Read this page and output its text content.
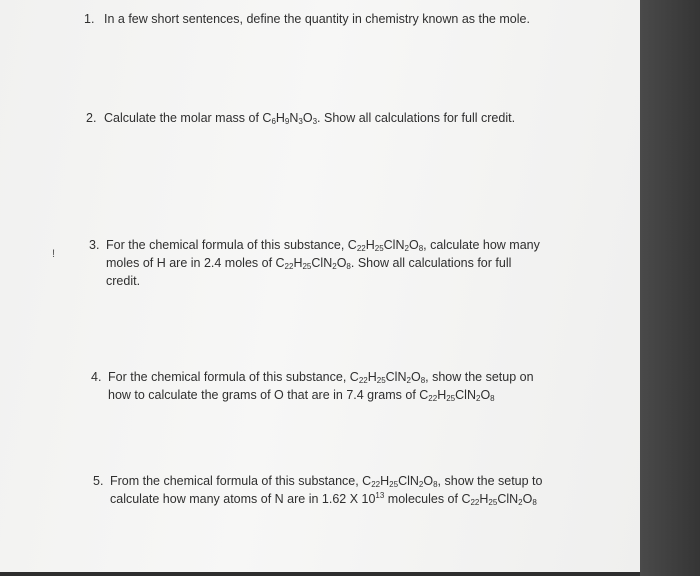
1. In a few short sentences, define the quantity in chemistry known as the mole.
2. Calculate the molar mass of $C_6H_9N_3O_3$. Show all calculations for full credit.
!
3. For the chemical formula of this substance, $C_{22}H_{25}ClN_2O_8$, calculate how many
moles of H are in 2.4 moles of $C_{22}H_{25}ClN_2O_8$. Show all calculations for full
credit.
4. For the chemical formula of this substance, $C_{22}H_{25}ClN_2O_8$, show the setup on
how to calculate the grams of O that are in 7.4 grams of $C_{22}H_{25}ClN_2O_8$
5. From the chemical formula of this substance, $C_{22}H_{25}ClN_2O_8$, show the setup to
calculate how many atoms of N are in 1.62 X $10^{13}$ molecules of $C_{22}H_{25}ClN_2O_8$
